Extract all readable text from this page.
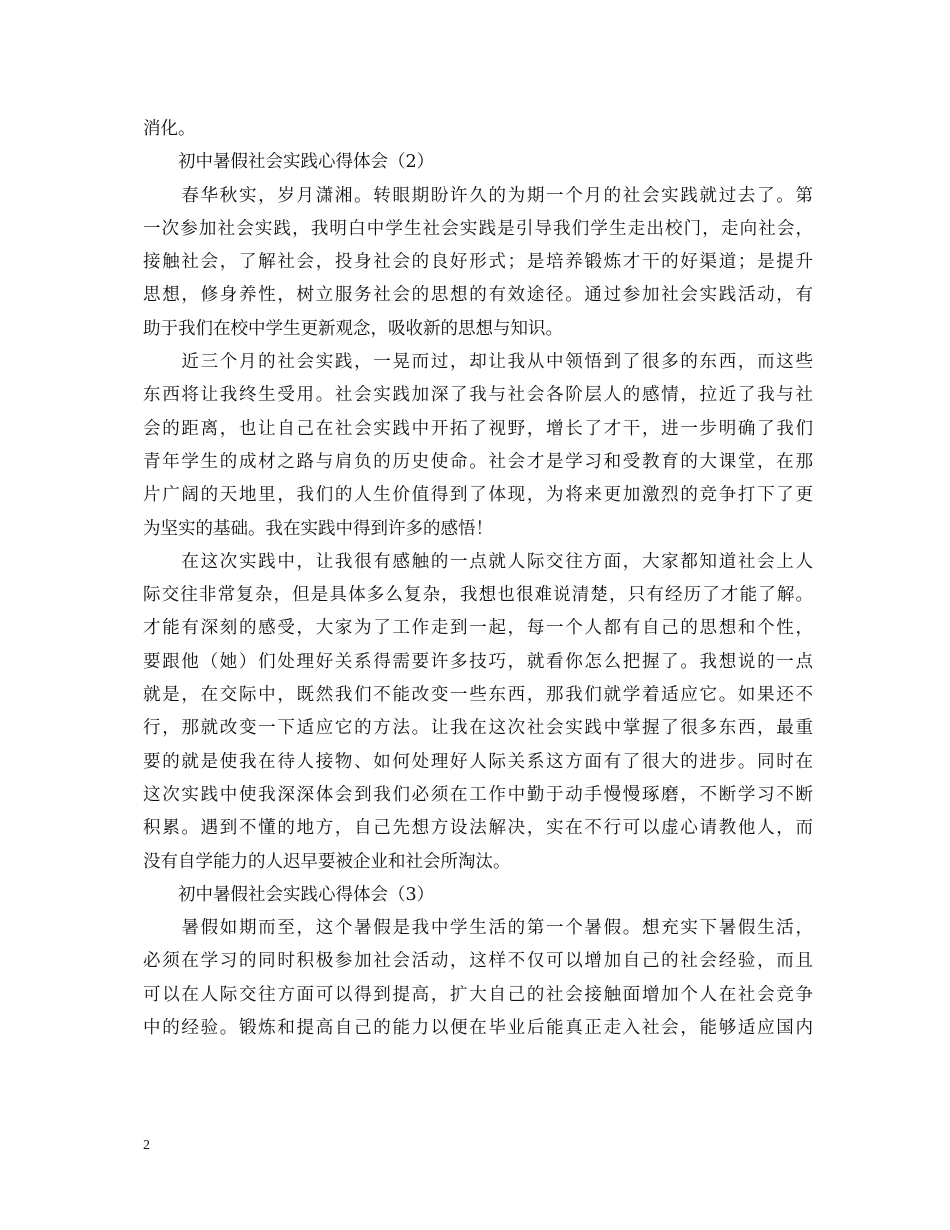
消化。

　　初中暑假社会实践心得体会（2）

　　春华秋实，岁月潇湘。转眼期盼许久的为期一个月的社会实践就过去了。第

一次参加社会实践，我明白中学生社会实践是引导我们学生走出校门，走向社会，

接触社会，了解社会，投身社会的良好形式；是培养锻炼才干的好渠道；是提升

思想，修身养性，树立服务社会的思想的有效途径。通过参加社会实践活动，有

助于我们在校中学生更新观念，吸收新的思想与知识。

　　近三个月的社会实践，一晃而过，却让我从中领悟到了很多的东西，而这些

东西将让我终生受用。社会实践加深了我与社会各阶层人的感情，拉近了我与社

会的距离，也让自己在社会实践中开拓了视野，增长了才干，进一步明确了我们

青年学生的成材之路与肩负的历史使命。社会才是学习和受教育的大课堂，在那

片广阔的天地里，我们的人生价值得到了体现，为将来更加激烈的竞争打下了更

为坚实的基础。我在实践中得到许多的感悟！

　　在这次实践中，让我很有感触的一点就人际交往方面，大家都知道社会上人

际交往非常复杂，但是具体多么复杂，我想也很难说清楚，只有经历了才能了解。

才能有深刻的感受，大家为了工作走到一起，每一个人都有自己的思想和个性，

要跟他（她）们处理好关系得需要许多技巧，就看你怎么把握了。我想说的一点

就是，在交际中，既然我们不能改变一些东西，那我们就学着适应它。如果还不

行，那就改变一下适应它的方法。让我在这次社会实践中掌握了很多东西，最重

要的就是使我在待人接物、如何处理好人际关系这方面有了很大的进步。同时在

这次实践中使我深深体会到我们必须在工作中勤于动手慢慢琢磨，不断学习不断

积累。遇到不懂的地方，自己先想方设法解决，实在不行可以虚心请教他人，而

没有自学能力的人迟早要被企业和社会所淘汰。

　　初中暑假社会实践心得体会（3）

　　暑假如期而至，这个暑假是我中学生活的第一个暑假。想充实下暑假生活，

必须在学习的同时积极参加社会活动，这样不仅可以增加自己的社会经验，而且

可以在人际交往方面可以得到提高，扩大自己的社会接触面增加个人在社会竞争

中的经验。锻炼和提高自己的能力以便在毕业后能真正走入社会，能够适应国内

2
